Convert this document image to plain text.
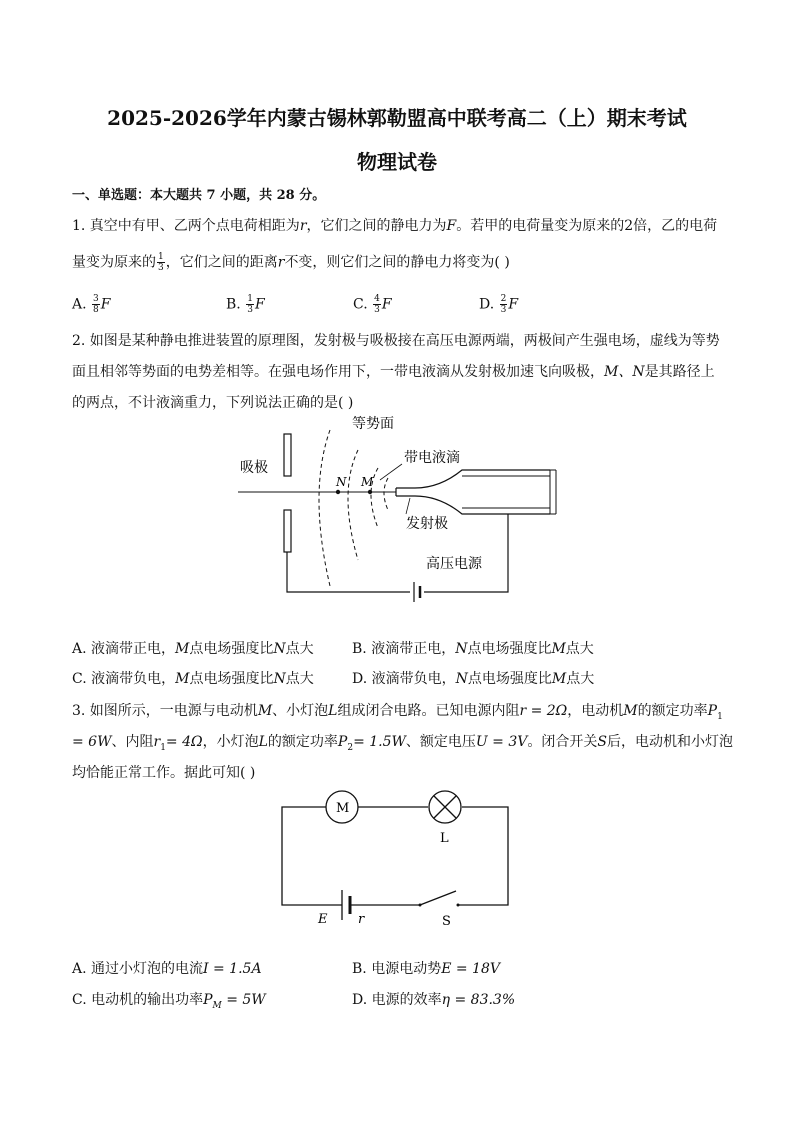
2025-2026学年内蒙古锡林郭勒盟高中联考高二（上）期末考试
物理试卷
一、单选题：本大题共 7 小题，共 28 分。
1. 真空中有甲、乙两个点电荷相距为r，它们之间的静电力为F。若甲的电荷量变为原来的2倍，乙的电荷
量变为原来的 $\frac{1}{3}$ ，它们之间的距离r不变，则它们之间的静电力将变为( )
A. $\frac{3}{8}$ F	B. $\frac{1}{3}$ F	C. $\frac{4}{3}$ F	D. $\frac{2}{3}$ F
2. 如图是某种静电推进装置的原理图，发射极与吸极接在高压电源两端，两极间产生强电场，虚线为等势
面且相邻等势面的电势差相等。在强电场作用下，一带电液滴从发射极加速飞向吸极，M、N是其路径上
的两点，不计液滴重力，下列说法正确的是( )
N M
等势面
吸极
带电液滴
发射极
高压电源
A. 液滴带正电，M点电场强度比N点大	B. 液滴带正电，N点电场强度比M点大
C. 液滴带负电，M点电场强度比N点大	D. 液滴带负电，N点电场强度比M点大
3. 如图所示，一电源与电动机M、小灯泡L组成闭合电路。已知电源内阻r = 2Ω，电动机M的额定功率$P_1$
= 6W、内阻$r_1= 4\Omega$，小灯泡L的额定功率$P_2= 1.5W$、额定电压U = 3V。闭合开关S后，电动机和小灯泡
均恰能正常工作。据此可知( )
M
L
E r	S
A. 通过小灯泡的电流I = 1.5A	B. 电源电动势E = 18V
C. 电动机的输出功率$P_M = 5W$	D. 电源的效率η = 83.3%
